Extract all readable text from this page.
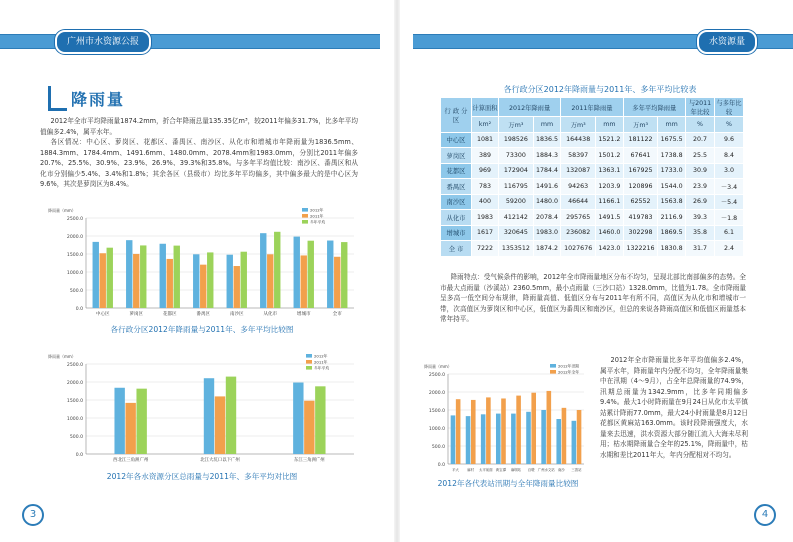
广州市水资源公报	水资源量
降雨量

2012年全市平均降雨量1874.2mm，折合年降雨总量135.35亿m³，较2011年偏多31.7%，比多年平均值偏多2.4%，属平水年。

各区情况：中心区、萝岗区、花都区、番禺区、南沙区、从化市和增城市年降雨量为1836.5mm、1884.3mm、1784.4mm、1491.6mm、1480.0mm、2078.4mm和1983.0mm，分别比2011年偏多20.7%、25.5%、30.9%、23.9%、26.9%、39.3%和35.8%。与多年平均值比较：南沙区、番禺区和从化市分别偏少5.4%、3.4%和1.8%；其余各区（县级市）均比多年平均偏多，其中偏多最大的是中心区为9.6%，其次是萝岗区为8.4%。

降雨量（mm）
0.0
500.0
1000.0
1500.0
2000.0
2500.0
中心区	萝岗区	花都区	番禺区	南沙区	从化市	增城市	全市
2012年
2011年
多年平均
各行政分区2012年降雨量与2011年、多年平均比较图
降雨量（mm）
0.0
500.0
1000.0
1500.0
2000.0
2500.0
西北江三角洲广州	北江大坑口以下广州	东江三角洲广州
2012年
2011年
多年平均
2012年各水资源分区总雨量与2011年、多年平均对比图
3	4
各行政分区2012年降雨量与2011年、多年平均比较表
行 政 分 区	计算面积	2012年降雨量		2011年降雨量		多年平均降雨量		与2011年比较	与多年比较
	km²	万m³	mm	万m³	mm	万m³	mm	%	%
中心区	1081	198526	1836.5	164438	1521.2	181122	1675.5	20.7	9.6
萝岗区	389	73300	1884.3	58397	1501.2	67641	1738.8	25.5	8.4
花都区	969	172904	1784.4	132087	1363.1	167925	1733.0	30.9	3.0
番禺区	783	116795	1491.6	94263	1203.9	120896	1544.0	23.9	－3.4
南沙区	400	59200	1480.0	46644	1166.1	62552	1563.8	26.9	－5.4
从化市	1983	412142	2078.4	295765	1491.5	419783	2116.9	39.3	－1.8
增城市	1617	320645	1983.0	236082	1460.0	302298	1869.5	35.8	6.1
全 市	7222	1353512	1874.2	1027676	1423.0	1322216	1830.8	31.7	2.4

降雨特点：受气候条件的影响，2012年全市降雨量地区分布不均匀，呈现北部比南部偏多的态势。全市最大点雨量（沙溪站）2360.5mm，最小点雨量（三沙口站）1328.0mm，比值为1.78。全市降雨量呈多高一低空间分布规律，降雨量高值、低值区分布与2011年有所不同，高值区为从化市和增城市一带，次高值区为萝岗区和中心区，低值区为番禺区和南沙区，但总的来说各降雨高值区和低值区雨量基本常年持平。

降雨量（mm）
0.0
500.0
1000.0
1500.0
2000.0
2500.0
平大 麻村 太平前面 黄宝潭 麻垌站 百墩 广州水文站 南沙 三善站
2012年汛期
2012年全年
2012年各代表站汛期与全年降雨量比较图

2012年全市降雨量比多年平均值偏多2.4%，属平水年，降雨量年内分配不均匀，全年降雨量集中在汛期（4～9月），占全年总降雨量的74.9%，汛期总雨量为1342.9mm，比多年同期偏多9.4%。最大1小时降雨量在9月24日从化市太平镇站累计降雨77.0mm，最大24小时雨量是8月12日花都区黄麻站163.0mm。该时段降雨强度大，水量来去迅速，洪水资源大部分随江流入大海未尽利用；枯水期降雨量合全年的25.1%，降雨量中，枯水期和差比2011年大，年内分配相对不均匀。
